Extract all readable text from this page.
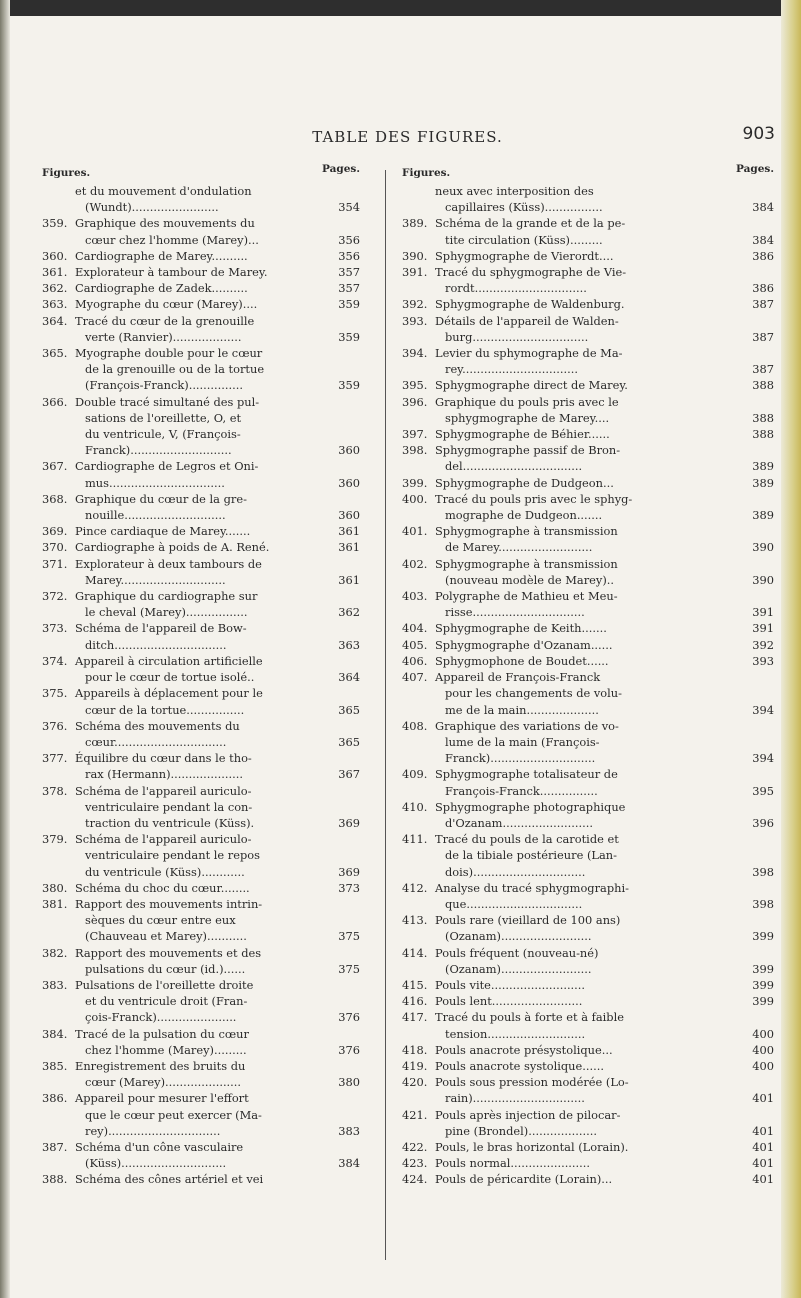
TABLE DES FIGURES.	903
Figures.	Pages.
et du mouvement d'ondulation
(Wundt)........................	354
359. Graphique des mouvements du
cœur chez l'homme (Marey)...	356
360. Cardiographe de Marey..........	356
361. Explorateur à tambour de Marey.	357
362. Cardiographe de Zadek..........	357
363. Myographe du cœur (Marey)....	359
364. Tracé du cœur de la grenouille
verte (Ranvier)...................	359
365. Myographe double pour le cœur
de la grenouille ou de la tortue
(François-Franck)...............	359
366. Double tracé simultané des pul-
sations de l'oreillette, O, et
du ventricule, V, (François-
Franck)............................	360
367. Cardiographe de Legros et Oni-
mus................................	360
368. Graphique du cœur de la gre-
nouille............................	360
369. Pince cardiaque de Marey.......	361
370. Cardiographe à poids de A. René.	361
371. Explorateur à deux tambours de
Marey.............................	361
372. Graphique du cardiographe sur
le cheval (Marey).................	362
373. Schéma de l'appareil de Bow-
ditch...............................	363
374. Appareil à circulation artificielle
pour le cœur de tortue isolé..	364
375. Appareils à déplacement pour le
cœur de la tortue................	365
376. Schéma des mouvements du
cœur...............................	365
377. Équilibre du cœur dans le tho-
rax (Hermann)....................	367
378. Schéma de l'appareil auriculo-
ventriculaire pendant la con-
traction du ventricule (Küss).	369
379. Schéma de l'appareil auriculo-
ventriculaire pendant le repos
du ventricule (Küss)............	369
380. Schéma du choc du cœur........	373
381. Rapport des mouvements intrin-
sèques du cœur entre eux
(Chauveau et Marey)...........	375
382. Rapport des mouvements et des
pulsations du cœur (id.)......	375
383. Pulsations de l'oreillette droite
et du ventricule droit (Fran-
çois-Franck)......................	376
384. Tracé de la pulsation du cœur
chez l'homme (Marey).........	376
385. Enregistrement des bruits du
cœur (Marey).....................	380
386. Appareil pour mesurer l'effort
que le cœur peut exercer (Ma-
rey)...............................	383
387. Schéma d'un cône vasculaire
(Küss).............................	384
388. Schéma des cônes artériel et vei
Figures.	Pages.
neux avec interposition des
capillaires (Küss)................	384
389. Schéma de la grande et de la pe-
tite circulation (Küss).........	384
390. Sphygmographe de Vierordt....	386
391. Tracé du sphygmographe de Vie-
rordt...............................	386
392. Sphygmographe de Waldenburg.	387
393. Détails de l'appareil de Walden-
burg................................	387
394. Levier du sphymographe de Ma-
rey................................	387
395. Sphygmographe direct de Marey.	388
396. Graphique du pouls pris avec le
sphygmographe de Marey....	388
397. Sphygmographe de Béhier......	388
398. Sphygmographe passif de Bron-
del.................................	389
399. Sphygmographe de Dudgeon...	389
400. Tracé du pouls pris avec le sphyg-
mographe de Dudgeon.......	389
401. Sphygmographe à transmission
de Marey..........................	390
402. Sphygmographe à transmission
(nouveau modèle de Marey)..	390
403. Polygraphe de Mathieu et Meu-
risse...............................	391
404. Sphygmographe de Keith.......	391
405. Sphygmographe d'Ozanam......	392
406. Sphygmophone de Boudet......	393
407. Appareil de François-Franck
pour les changements de volu-
me de la main....................	394
408. Graphique des variations de vo-
lume de la main (François-
Franck).............................	394
409. Sphygmographe totalisateur de
François-Franck................	395
410. Sphygmographe photographique
d'Ozanam.........................	396
411. Tracé du pouls de la carotide et
de la tibiale postérieure (Lan-
dois)...............................	398
412. Analyse du tracé sphygmographi-
que................................	398
413. Pouls rare (vieillard de 100 ans)
(Ozanam).........................	399
414. Pouls fréquent (nouveau-né)
(Ozanam).........................	399
415. Pouls vite..........................	399
416. Pouls lent.........................	399
417. Tracé du pouls à forte et à faible
tension...........................	400
418. Pouls anacrote présystolique...	400
419. Pouls anacrote systolique......	400
420. Pouls sous pression modérée (Lo-
rain)...............................	401
421. Pouls après injection de pilocar-
pine (Brondel)...................	401
422. Pouls, le bras horizontal (Lorain).	401
423. Pouls normal......................	401
424. Pouls de péricardite (Lorain)...	401
